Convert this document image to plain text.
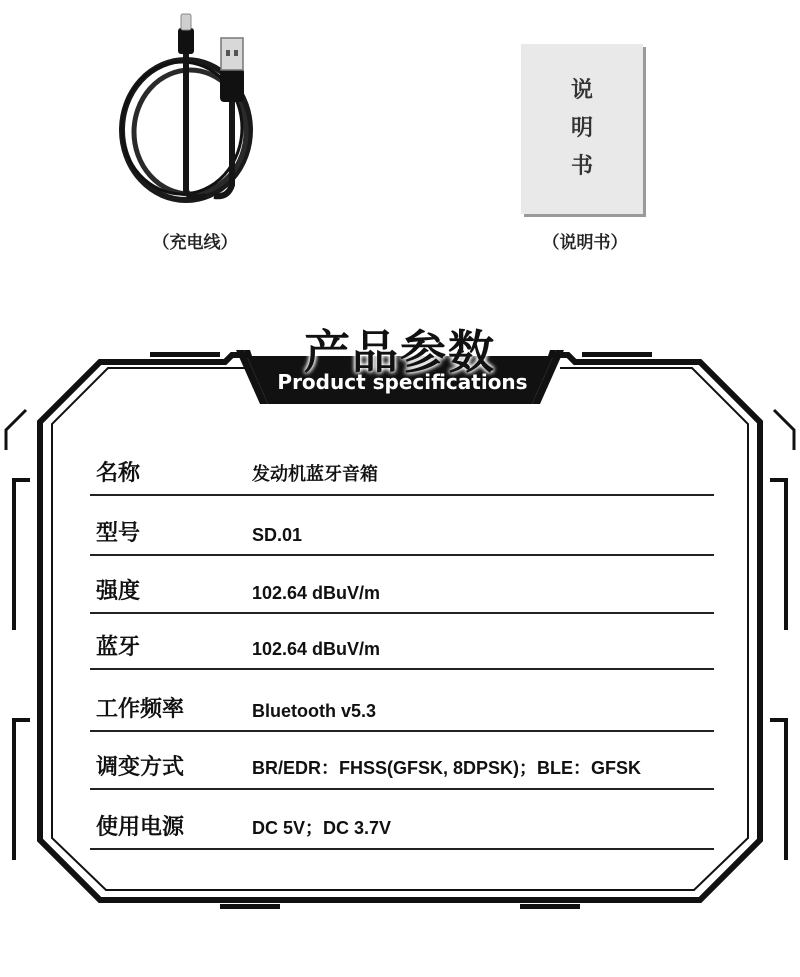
（充电线）
说明书
（说明书）
产品参数
Product specifications
名称	发动机蓝牙音箱
型号	SD.01
强度	102.64 dBuV/m
蓝牙	102.64 dBuV/m
工作频率	Bluetooth v5.3
调变方式	BR/EDR：FHSS(GFSK, 8DPSK)；BLE：GFSK
使用电源	DC 5V；DC 3.7V
